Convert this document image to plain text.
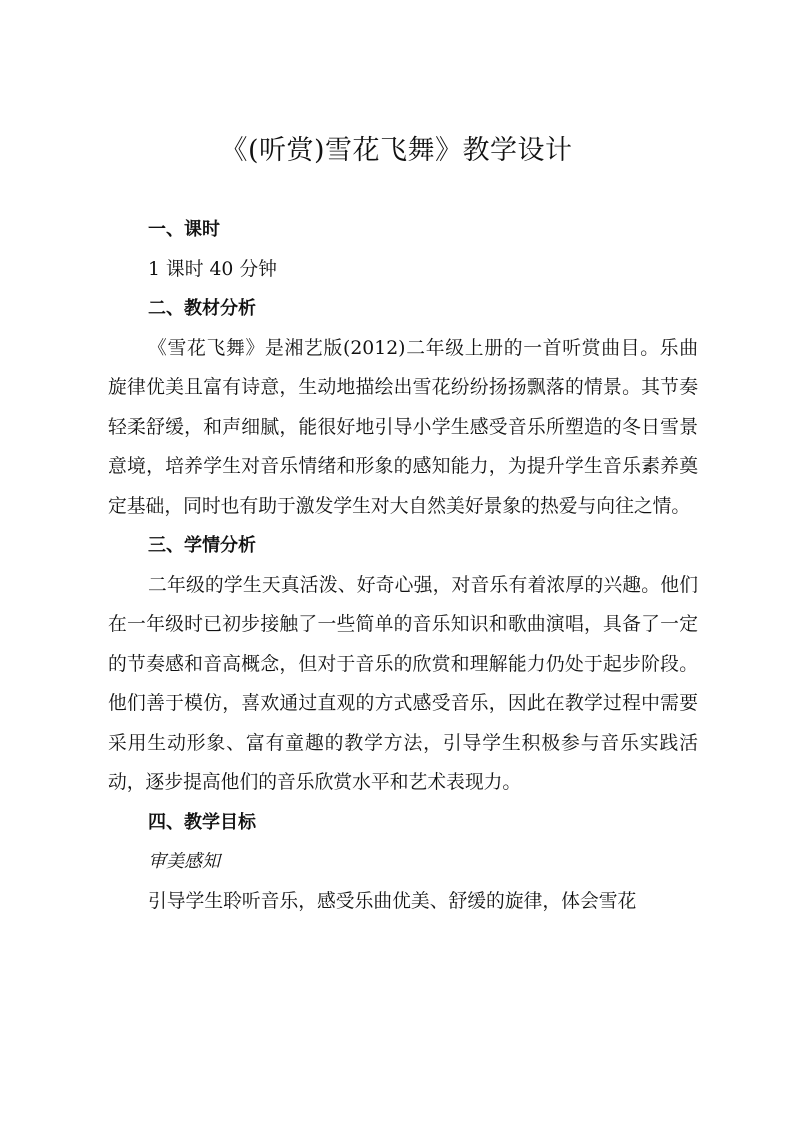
《(听赏)雪花飞舞》教学设计
一、课时
1 课时 40 分钟
二、教材分析

《雪花飞舞》是湘艺版(2012)二年级上册的一首听赏曲目。乐曲旋律优美且富有诗意，生动地描绘出雪花纷纷扬扬飘落的情景。其节奏轻柔舒缓，和声细腻，能很好地引导小学生感受音乐所塑造的冬日雪景意境，培养学生对音乐情绪和形象的感知能力，为提升学生音乐素养奠定基础，同时也有助于激发学生对大自然美好景象的热爱与向往之情。

三、学情分析

二年级的学生天真活泼、好奇心强，对音乐有着浓厚的兴趣。他们在一年级时已初步接触了一些简单的音乐知识和歌曲演唱，具备了一定的节奏感和音高概念，但对于音乐的欣赏和理解能力仍处于起步阶段。他们善于模仿，喜欢通过直观的方式感受音乐，因此在教学过程中需要采用生动形象、富有童趣的教学方法，引导学生积极参与音乐实践活动，逐步提高他们的音乐欣赏水平和艺术表现力。

四、教学目标
审美感知

引导学生聆听音乐，感受乐曲优美、舒缓的旋律，体会雪花
